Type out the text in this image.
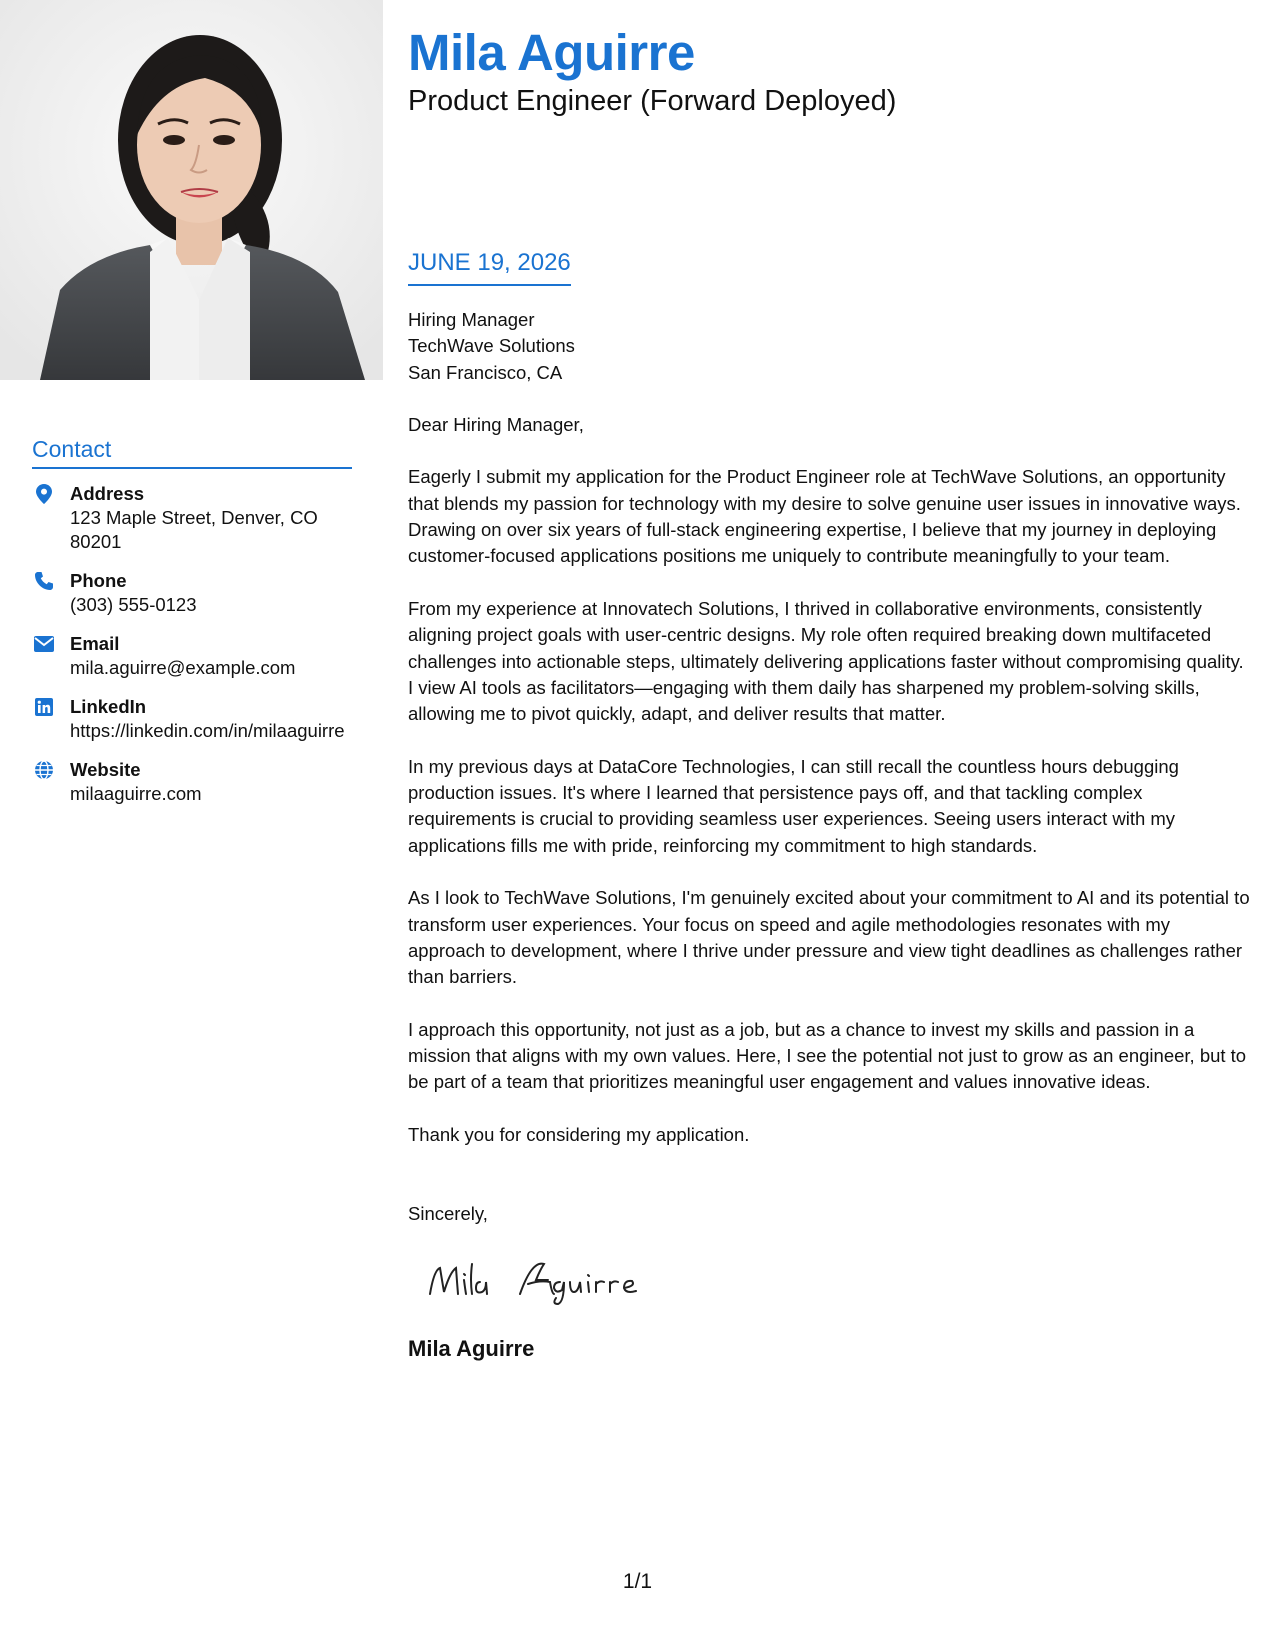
Contact
Address
123 Maple Street, Denver, CO 80201
Phone
(303) 555-0123
Email
mila.aguirre@example.com
LinkedIn
https://linkedin.com/in/milaaguirre
Website
milaaguirre.com
Mila Aguirre
Product Engineer (Forward Deployed)
JUNE 19, 2026
Hiring Manager
TechWave Solutions
San Francisco, CA

Dear Hiring Manager,

Eagerly I submit my application for the Product Engineer role at TechWave Solutions, an opportunity that blends my passion for technology with my desire to solve genuine user issues in innovative ways. Drawing on over six years of full-stack engineering expertise, I believe that my journey in deploying customer-focused applications positions me uniquely to contribute meaningfully to your team.

From my experience at Innovatech Solutions, I thrived in collaborative environments, consistently aligning project goals with user-centric designs. My role often required breaking down multifaceted challenges into actionable steps, ultimately delivering applications faster without compromising quality. I view AI tools as facilitators—engaging with them daily has sharpened my problem-solving skills, allowing me to pivot quickly, adapt, and deliver results that matter.

In my previous days at DataCore Technologies, I can still recall the countless hours debugging production issues. It's where I learned that persistence pays off, and that tackling complex requirements is crucial to providing seamless user experiences. Seeing users interact with my applications fills me with pride, reinforcing my commitment to high standards.

As I look to TechWave Solutions, I'm genuinely excited about your commitment to AI and its potential to transform user experiences. Your focus on speed and agile methodologies resonates with my approach to development, where I thrive under pressure and view tight deadlines as challenges rather than barriers.

I approach this opportunity, not just as a job, but as a chance to invest my skills and passion in a mission that aligns with my own values. Here, I see the potential not just to grow as an engineer, but to be part of a team that prioritizes meaningful user engagement and values innovative ideas.

Thank you for considering my application.

Sincerely,

Mila Aguirre
1/1
